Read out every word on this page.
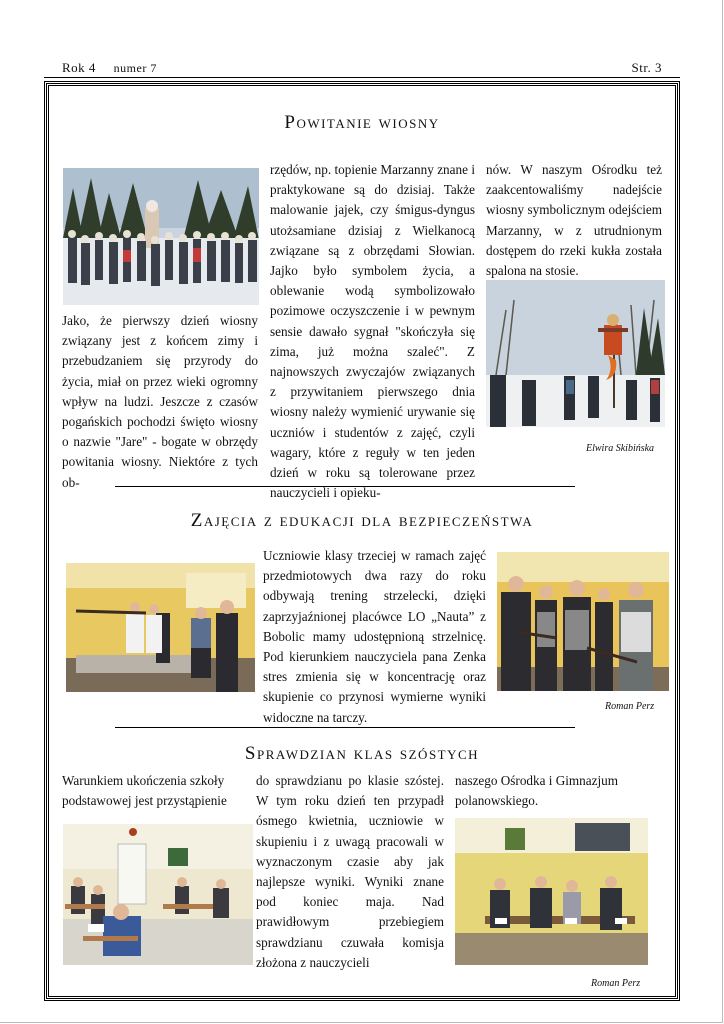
Rok 4 numer 7	Str. 3
Powitanie wiosny
Jako, że pierwszy dzień wiosny związany jest z końcem zimy i przebudzaniem się przyrody do życia, miał on przez wieki ogromny wpływ na ludzi. Jeszcze z czasów pogańskich pochodzi święto wiosny o nazwie "Jare" - bogate w obrzędy powitania wiosny. Niektóre z tych ob-
rzędów, np. topienie Marzanny znane i praktykowane są do dzisiaj. Także malowanie jajek, czy śmigus-dyngus utożsamiane dzisiaj z Wielkanocą związane są z obrzędami Słowian. Jajko było symbolem życia, a oblewanie wodą symbolizowało pozimowe oczyszczenie i w pewnym sensie dawało sygnał "skończyła się zima, już można szaleć". Z najnowszych zwyczajów związanych z przywitaniem pierwszego dnia wiosny należy wymienić urywanie się uczniów i studentów z zajęć, czyli wagary, które z reguły w ten jeden dzień w roku są tolerowane przez nauczycieli i opieku-
nów. W naszym Ośrodku też zaakcentowaliśmy nadejście wiosny symbolicznym odejściem Marzanny, w z utrudnionym dostępem do rzeki kukła została spalona na stosie.
Elwira Skibińska
Zajęcia z edukacji dla bezpieczeństwa
Uczniowie klasy trzeciej w ramach zajęć przedmiotowych dwa razy do roku odbywają trening strzelecki, dzięki zaprzyjaźnionej placówce LO „Nauta” z Bobolic mamy udostępnioną strzelnicę. Pod kierunkiem nauczyciela pana Zenka stres zmienia się w koncentrację oraz skupienie co przynosi wymierne wyniki widoczne na tarczy.
Roman Perz
Sprawdzian klas szóstych
Warunkiem ukończenia szkoły podstawowej jest przystąpienie
do sprawdzianu po klasie szóstej. W tym roku dzień ten przypadł ósmego kwietnia, uczniowie w skupieniu i z uwagą pracowali w wyznaczonym czasie aby jak najlepsze wyniki. Wyniki znane pod koniec maja. Nad prawidłowym przebiegiem sprawdzianu czuwała komisja złożona z nauczycieli
naszego Ośrodka i Gimnazjum polanowskiego.
Roman Perz
